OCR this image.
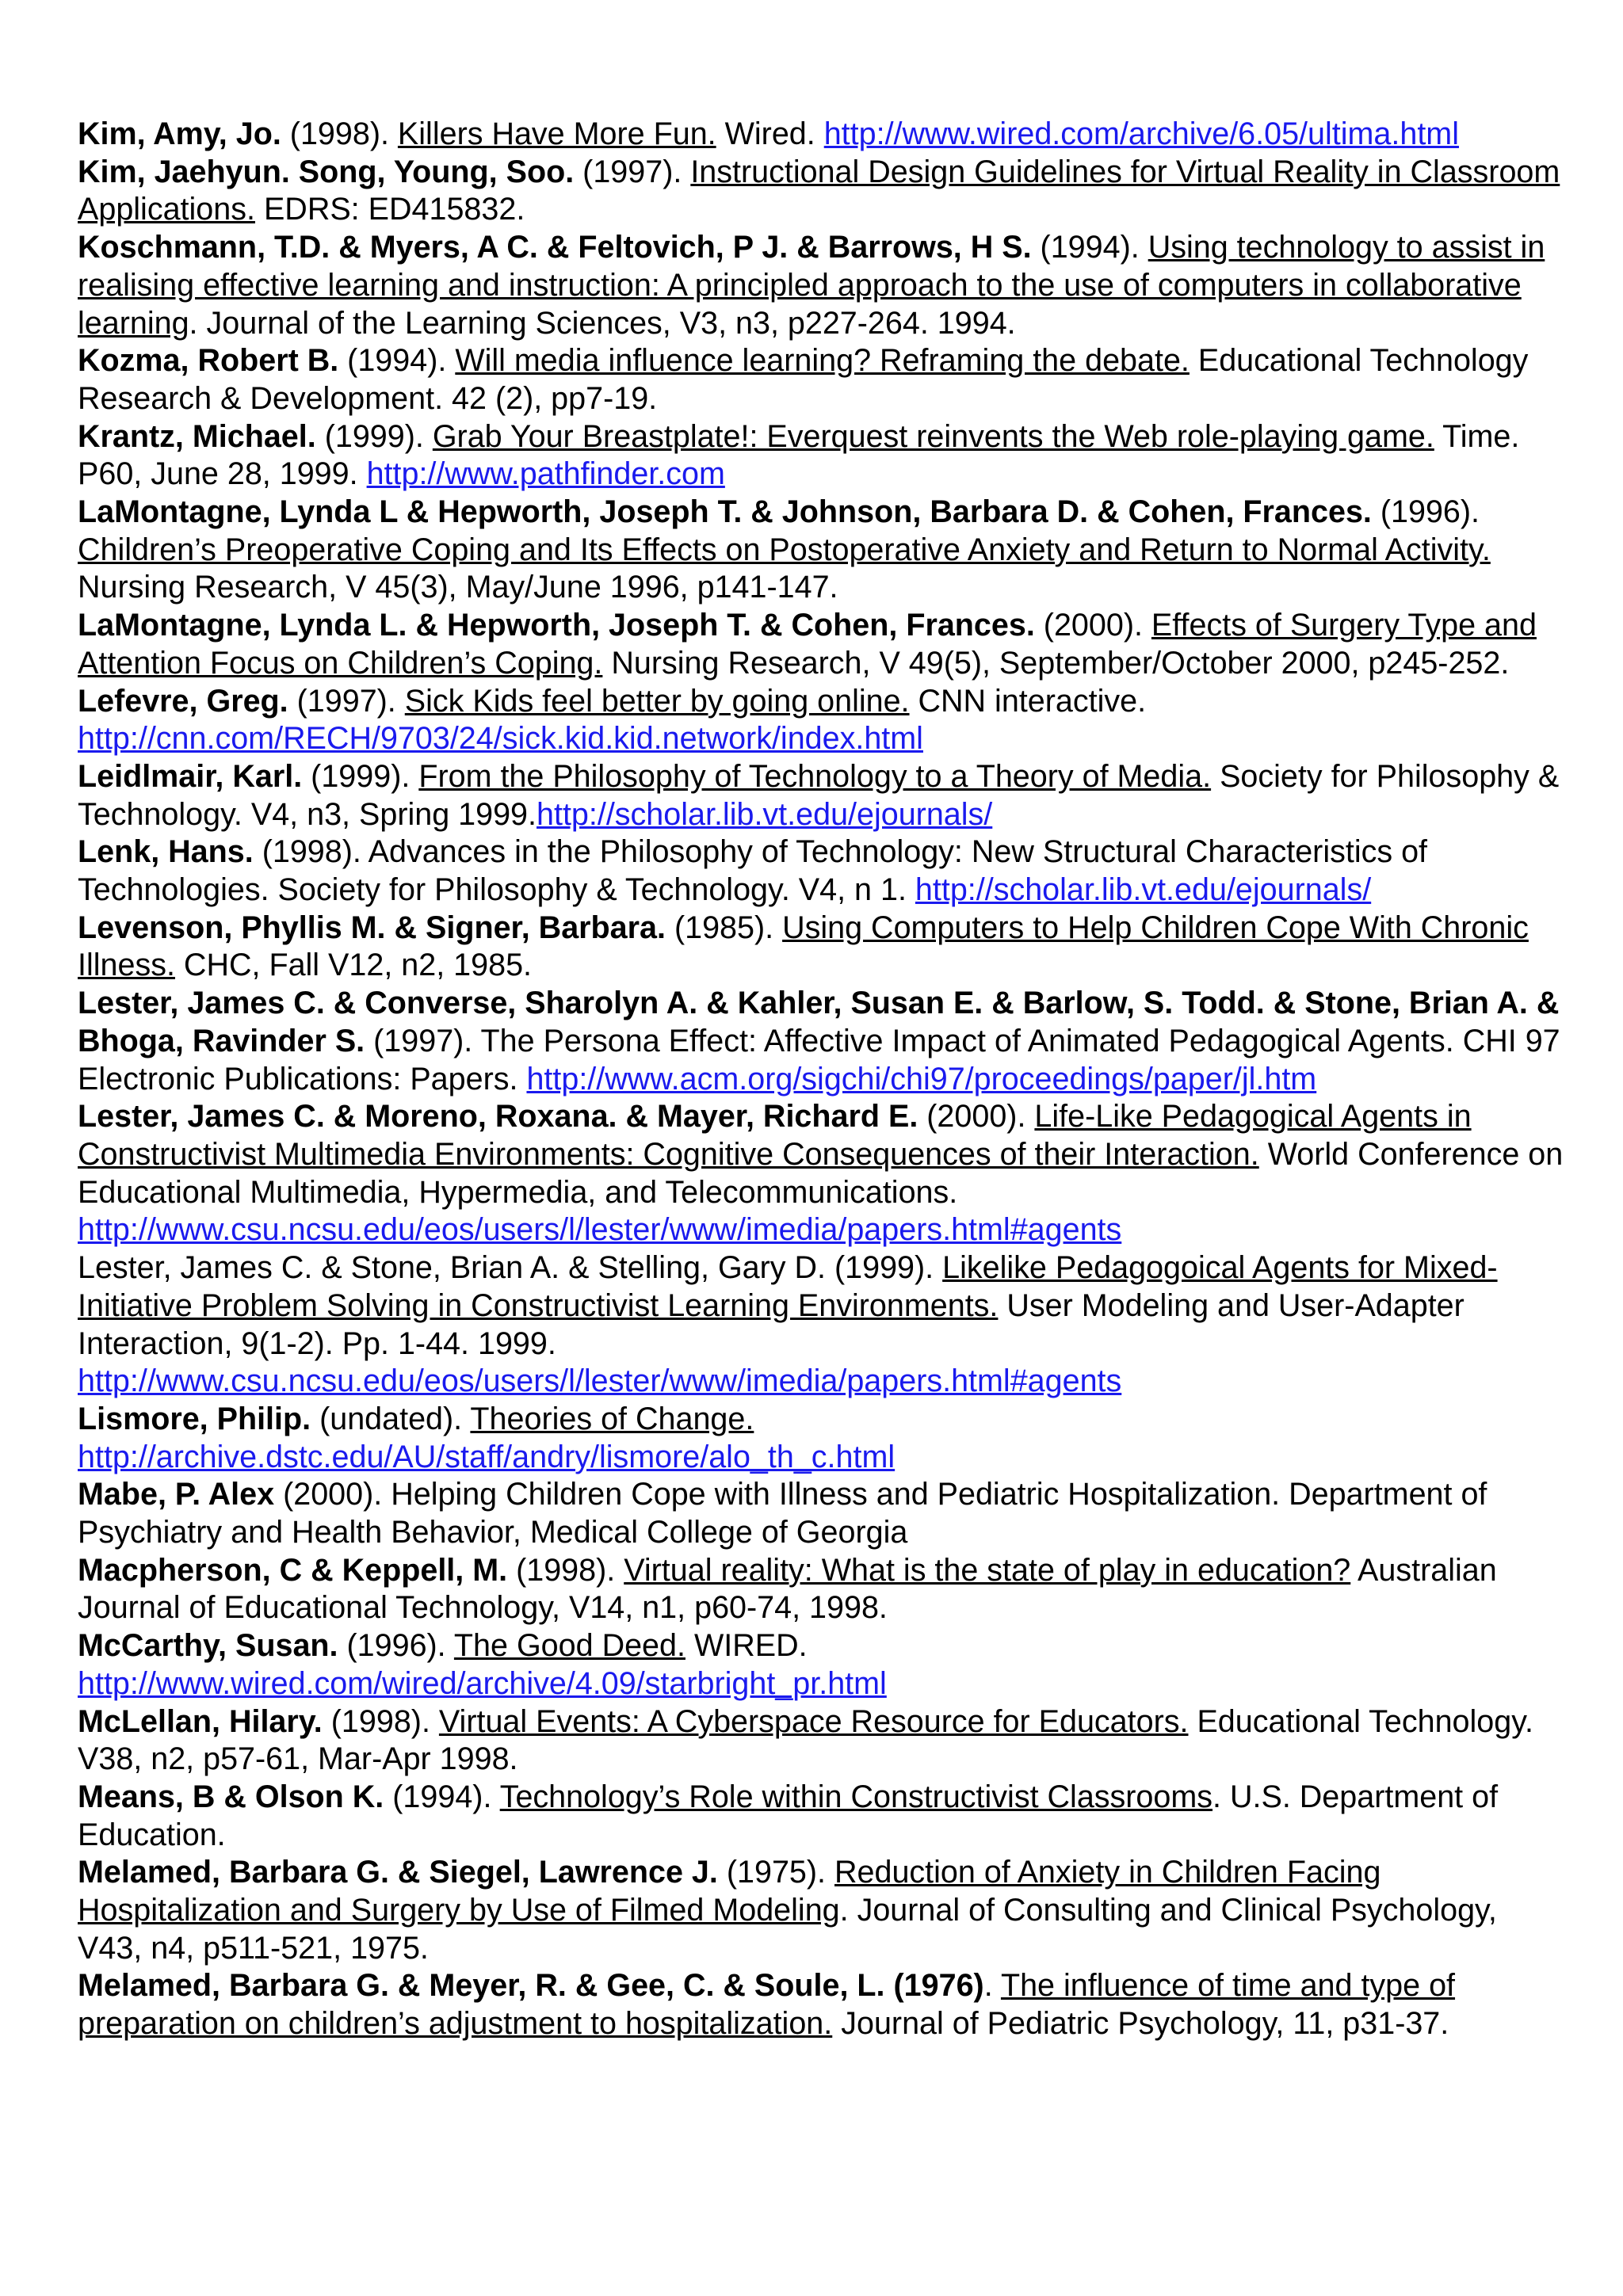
Kim, Amy, Jo. (1998). Killers Have More Fun. Wired. http://www.wired.com/archive/6.05/ultima.html

Kim, Jaehyun. Song, Young, Soo. (1997). Instructional Design Guidelines for Virtual Reality in Classroom Applications. EDRS: ED415832.

Koschmann, T.D. & Myers, A C. & Feltovich, P J. & Barrows, H S. (1994). Using technology to assist in realising effective learning and instruction: A principled approach to the use of computers in collaborative learning. Journal of the Learning Sciences, V3, n3, p227-264. 1994.

Kozma, Robert B. (1994). Will media influence learning? Reframing the debate. Educational Technology Research & Development. 42 (2), pp7-19.

Krantz, Michael. (1999). Grab Your Breastplate!: Everquest reinvents the Web role-playing game. Time. P60, June 28, 1999. http://www.pathfinder.com

LaMontagne, Lynda L & Hepworth, Joseph T. & Johnson, Barbara D. & Cohen, Frances. (1996). Children’s Preoperative Coping and Its Effects on Postoperative Anxiety and Return to Normal Activity. Nursing Research, V 45(3), May/June 1996, p141-147.

LaMontagne, Lynda L. & Hepworth, Joseph T. & Cohen, Frances. (2000). Effects of Surgery Type and Attention Focus on Children’s Coping. Nursing Research, V 49(5), September/October 2000, p245-252.

Lefevre, Greg. (1997). Sick Kids feel better by going online. CNN interactive. http://cnn.com/RECH/9703/24/sick.kid.kid.network/index.html

Leidlmair, Karl. (1999). From the Philosophy of Technology to a Theory of Media. Society for Philosophy & Technology. V4, n3, Spring 1999.http://scholar.lib.vt.edu/ejournals/

Lenk, Hans. (1998). Advances in the Philosophy of Technology: New Structural Characteristics of Technologies. Society for Philosophy & Technology. V4, n 1. http://scholar.lib.vt.edu/ejournals/

Levenson, Phyllis M. & Signer, Barbara. (1985). Using Computers to Help Children Cope With Chronic Illness. CHC, Fall V12, n2, 1985.

Lester, James C. & Converse, Sharolyn A. & Kahler, Susan E. & Barlow, S. Todd. & Stone, Brian A. & Bhoga, Ravinder S. (1997). The Persona Effect: Affective Impact of Animated Pedagogical Agents. CHI 97 Electronic Publications: Papers. http://www.acm.org/sigchi/chi97/proceedings/paper/jl.htm

Lester, James C. & Moreno, Roxana. & Mayer, Richard E. (2000). Life-Like Pedagogical Agents in Constructivist Multimedia Environments: Cognitive Consequences of their Interaction. World Conference on Educational Multimedia, Hypermedia, and Telecommunications. http://www.csu.ncsu.edu/eos/users/l/lester/www/imedia/papers.html#agents

Lester, James C. & Stone, Brian A. & Stelling, Gary D. (1999). Likelike Pedagogoical Agents for Mixed-Initiative Problem Solving in Constructivist Learning Environments. User Modeling and User-Adapter Interaction, 9(1-2). Pp. 1-44. 1999. http://www.csu.ncsu.edu/eos/users/l/lester/www/imedia/papers.html#agents

Lismore, Philip. (undated). Theories of Change. http://archive.dstc.edu/AU/staff/andry/lismore/alo_th_c.html

Mabe, P. Alex (2000). Helping Children Cope with Illness and Pediatric Hospitalization. Department of Psychiatry and Health Behavior, Medical College of Georgia

Macpherson, C & Keppell, M. (1998). Virtual reality: What is the state of play in education? Australian Journal of Educational Technology, V14, n1, p60-74, 1998.

McCarthy, Susan. (1996). The Good Deed. WIRED. http://www.wired.com/wired/archive/4.09/starbright_pr.html

McLellan, Hilary. (1998). Virtual Events: A Cyberspace Resource for Educators. Educational Technology. V38, n2, p57-61, Mar-Apr 1998.

Means, B & Olson K. (1994). Technology’s Role within Constructivist Classrooms. U.S. Department of Education.

Melamed, Barbara G. & Siegel, Lawrence J. (1975). Reduction of Anxiety in Children Facing Hospitalization and Surgery by Use of Filmed Modeling. Journal of Consulting and Clinical Psychology, V43, n4, p511-521, 1975.

Melamed, Barbara G. & Meyer, R. & Gee, C. & Soule, L. (1976). The influence of time and type of preparation on children’s adjustment to hospitalization. Journal of Pediatric Psychology, 11, p31-37.
